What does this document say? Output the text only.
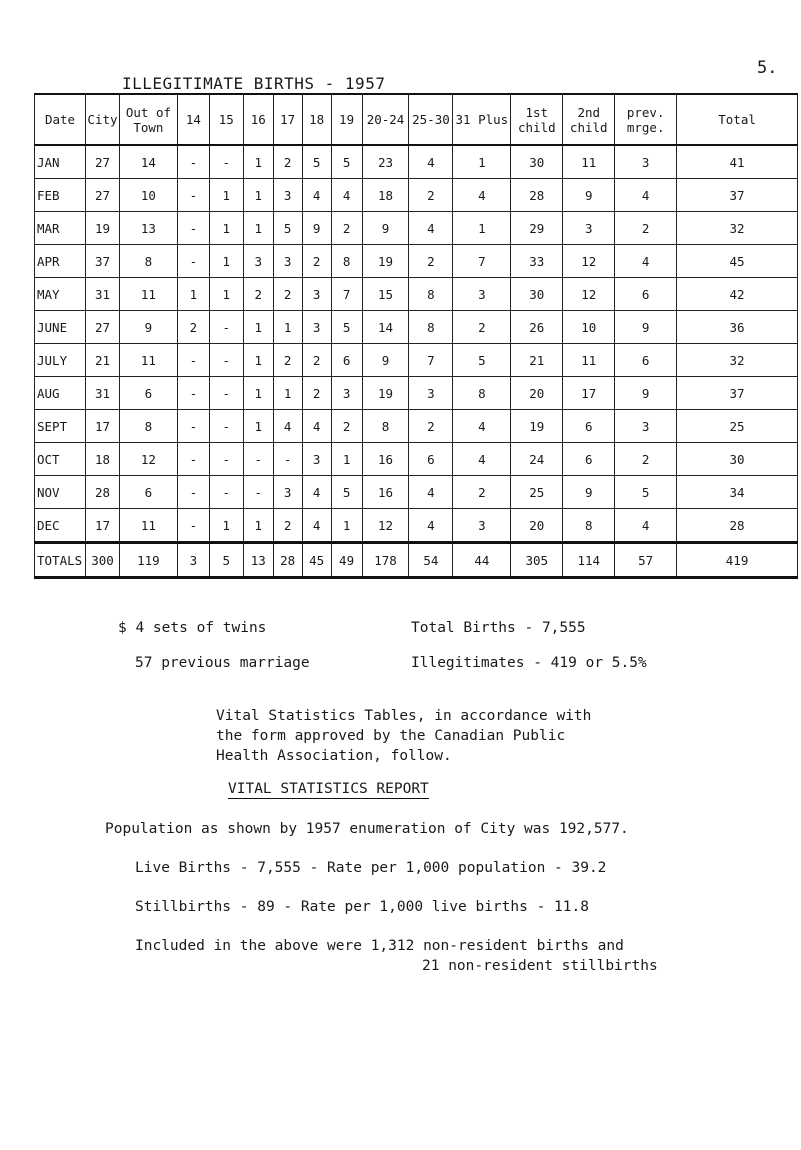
5.
ILLEGITIMATE BIRTHS - 1957
Date	City	Out of Town	14	15	16	17	18	19	20-24	25-30	31 Plus	1st child	2nd child	prev. mrge.	Total
JAN	27	14	-	-	1	2	5	5	23	4	1	30	11	3	41
FEB	27	10	-	1	1	3	4	4	18	2	4	28	9	4	37
MAR	19	13	-	1	1	5	9	2	9	4	1	29	3	2	32
APR	37	8	-	1	3	3	2	8	19	2	7	33	12	4	45
MAY	31	11	1	1	2	2	3	7	15	8	3	30	12	6	42
JUNE	27	9	2	-	1	1	3	5	14	8	2	26	10	9	36
JULY	21	11	-	-	1	2	2	6	9	7	5	21	11	6	32
AUG	31	6	-	-	1	1	2	3	19	3	8	20	17	9	37
SEPT	17	8	-	-	1	4	4	2	8	2	4	19	6	3	25
OCT	18	12	-	-	-	-	3	1	16	6	4	24	6	2	30
NOV	28	6	-	-	-	3	4	5	16	4	2	25	9	5	34
DEC	17	11	-	1	1	2	4	1	12	4	3	20	8	4	28
TOTALS	300	119	3	5	13	28	45	49	178	54	44	305	114	57	419
$ 4 sets of twins	Total Births - 7,555
57 previous marriage	Illegitimates - 419 or 5.5%
Vital Statistics Tables, in accordance with
the form approved by the Canadian Public
Health Association, follow.
VITAL STATISTICS REPORT
Population as shown by 1957 enumeration of City was 192,577.
Live Births - 7,555 - Rate per 1,000 population - 39.2
Stillbirths - 89 - Rate per 1,000 live births - 11.8
Included in the above were 1,312 non-resident births and
21 non-resident stillbirths
